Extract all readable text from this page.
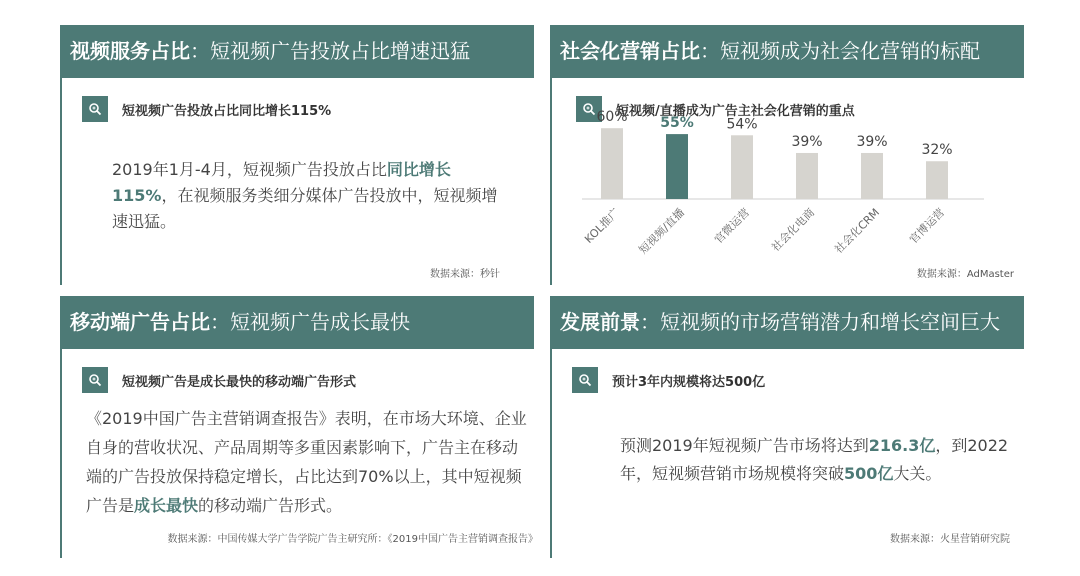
视频服务占比：短视频广告投放占比增速迅猛
短视频广告投放占比同比增长115%
2019年1月-4月，短视频广告投放占比同比增长115%，在视频服务类细分媒体广告投放中，短视频增速迅猛。
数据来源：秒针
社会化营销占比：短视频成为社会化营销的标配
短视频/直播成为广告主社会化营销的重点
60%
KOL推广
55%
短视频/直播
54%
官微运营
39%
社会化电商
39%
社会化CRM
32%
官博运营
数据来源：AdMaster
移动端广告占比：短视频广告成长最快
短视频广告是成长最快的移动端广告形式
《2019中国广告主营销调查报告》表明，在市场大环境、企业自身的营收状况、产品周期等多重因素影响下，广告主在移动端的广告投放保持稳定增长，占比达到70%以上，其中短视频广告是成长最快的移动端广告形式。
数据来源：中国传媒大学广告学院广告主研究所：《2019中国广告主营销调查报告》
发展前景：短视频的市场营销潜力和增长空间巨大
预计3年内规模将达500亿
预测2019年短视频广告市场将达到216.3亿，到2022年，短视频营销市场规模将突破500亿大关。
数据来源：火星营销研究院
